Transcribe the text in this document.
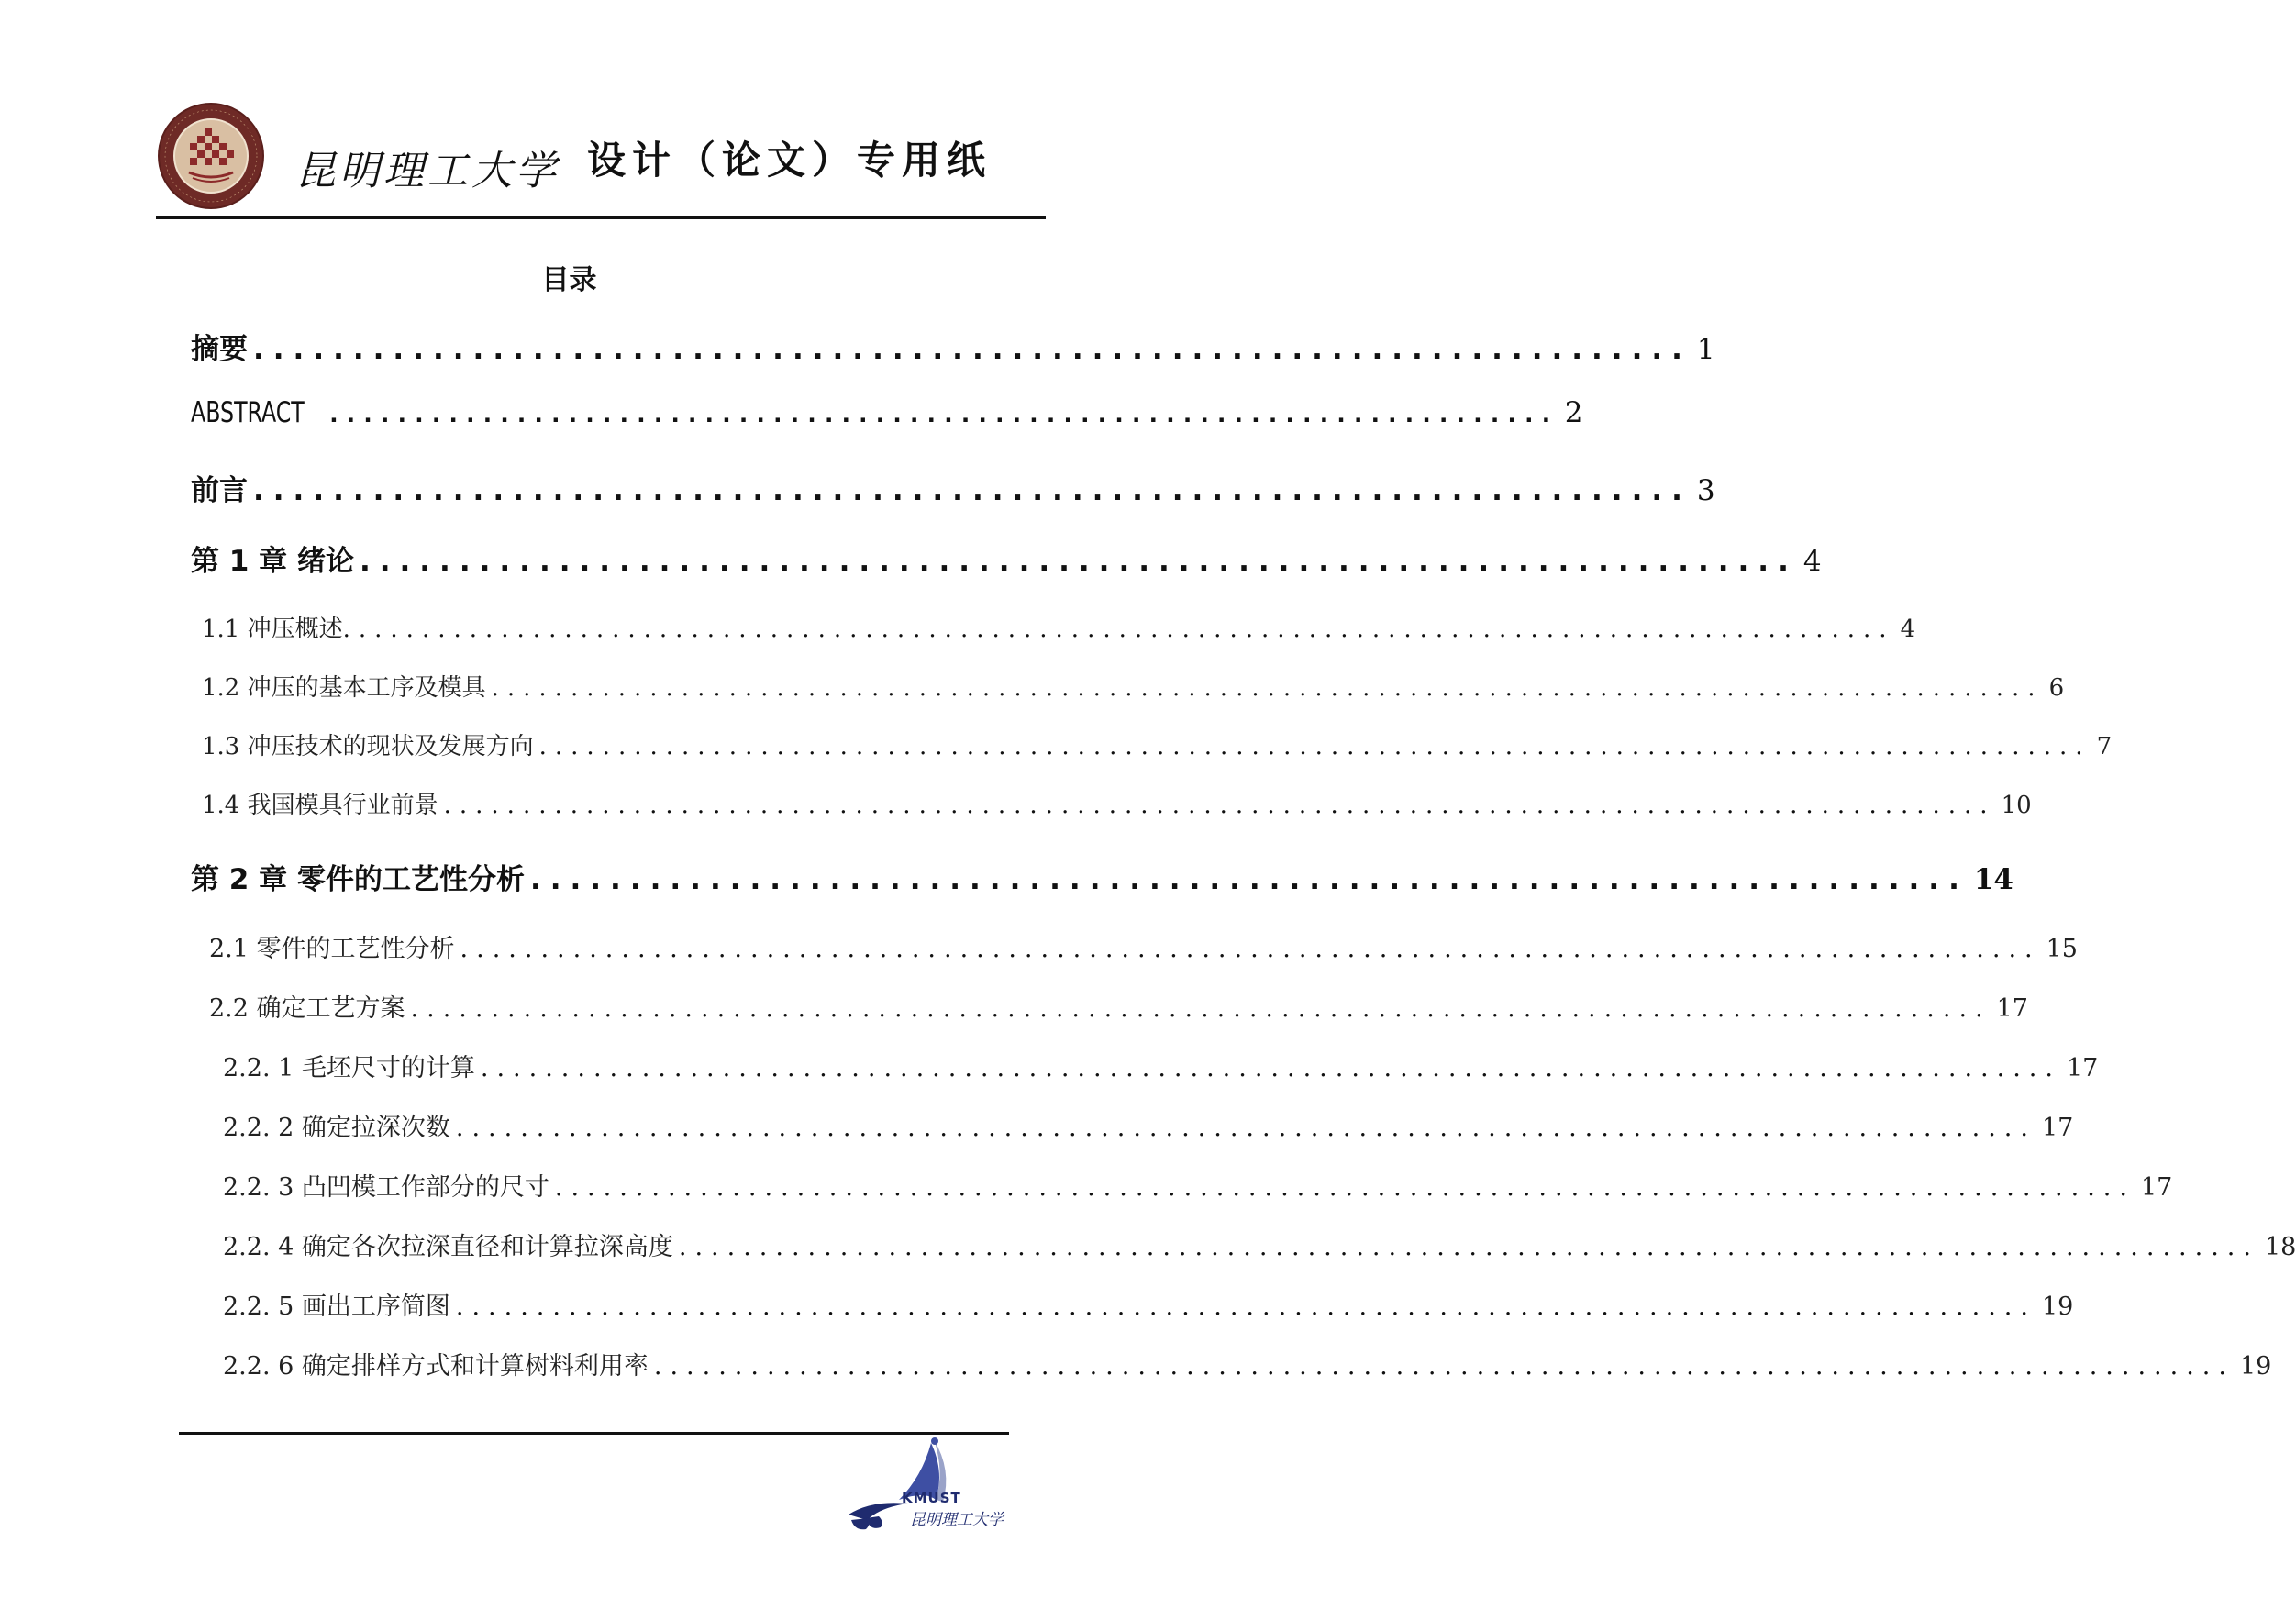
昆明理工大学 设计（论文）专用纸
目录
摘要 ........................................................................ 1
ABSTRACT ........................................................................ 2
前言 ........................................................................ 3
第 1 章 绪论 ........................................................................ 4
1.1 冲压概述 .................................................................................................. 4
1.2 冲压的基本工序及模具 .................................................................................................. 6
1.3 冲压技术的现状及发展方向 .................................................................................................. 7
1.4 我国模具行业前景 .................................................................................................. 10
第 2 章 零件的工艺性分析 ........................................................................ 14
2.1 零件的工艺性分析 .................................................................................................. 15
2.2 确定工艺方案 .................................................................................................. 17
2.2. 1 毛坯尺寸的计算 .................................................................................................. 17
2.2. 2 确定拉深次数 .................................................................................................. 17
2.2. 3 凸凹模工作部分的尺寸 .................................................................................................. 17
2.2. 4 确定各次拉深直径和计算拉深高度 .................................................................................................. 18
2.2. 5 画出工序简图 .................................................................................................. 19
2.2. 6 确定排样方式和计算树料利用率 .................................................................................................. 19
KMUST
昆明理工大学
